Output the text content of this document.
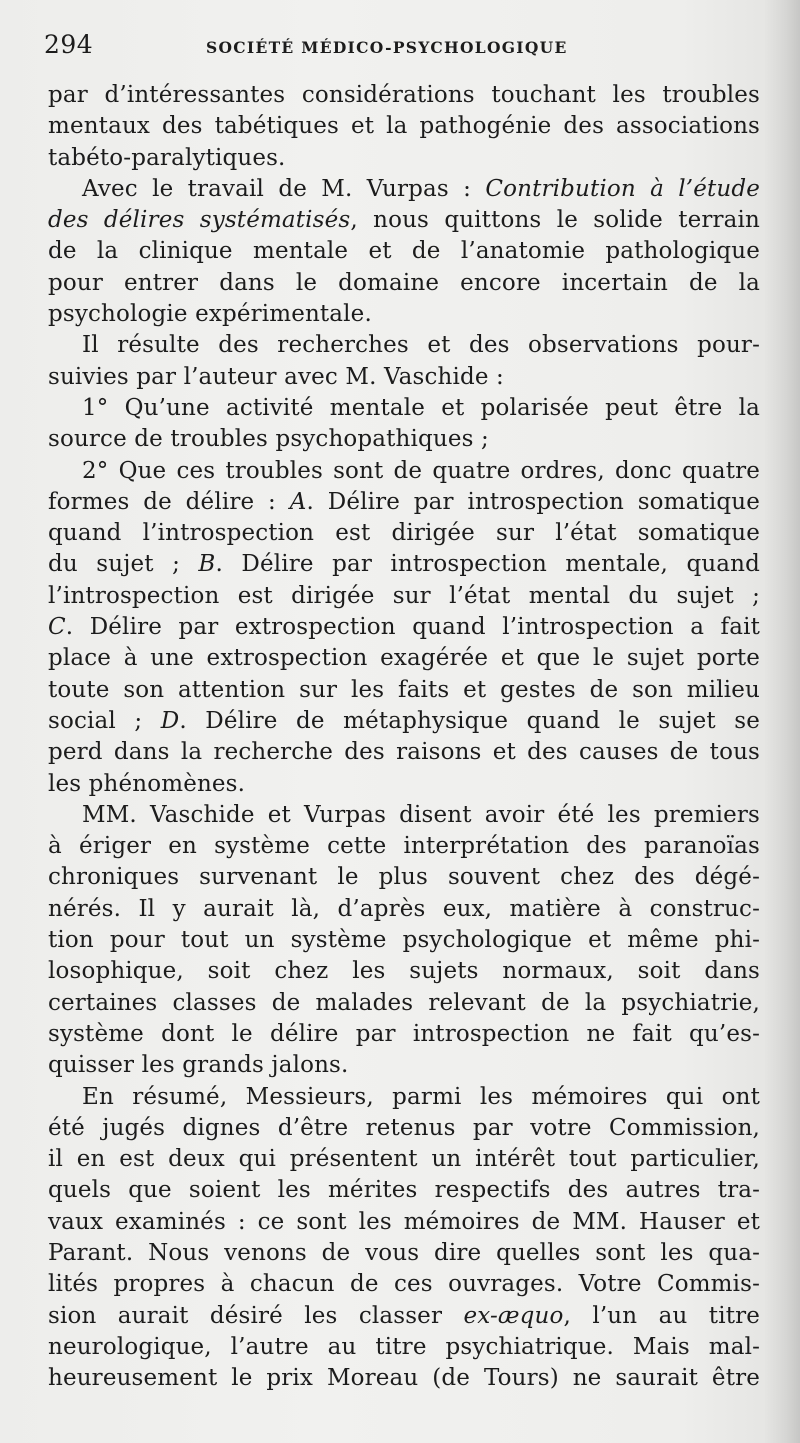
294	SOCIÉTÉ MÉDICO-PSYCHOLOGIQUE
par d’intéressantes considérations touchant les troubles
mentaux des tabétiques et la pathogénie des associations
tabéto-paralytiques.
Avec le travail de M. Vurpas : Contribution à l’étude
des délires systématisés, nous quittons le solide terrain
de la clinique mentale et de l’anatomie pathologique
pour entrer dans le domaine encore incertain de la
psychologie expérimentale.
Il résulte des recherches et des observations pour-
suivies par l’auteur avec M. Vaschide :
1° Qu’une activité mentale et polarisée peut être la
source de troubles psychopathiques ;
2° Que ces troubles sont de quatre ordres, donc quatre
formes de délire : A. Délire par introspection somatique
quand l’introspection est dirigée sur l’état somatique
du sujet ; B. Délire par introspection mentale, quand
l’introspection est dirigée sur l’état mental du sujet ;
C. Délire par extrospection quand l’introspection a fait
place à une extrospection exagérée et que le sujet porte
toute son attention sur les faits et gestes de son milieu
social ; D. Délire de métaphysique quand le sujet se
perd dans la recherche des raisons et des causes de tous
les phénomènes.
MM. Vaschide et Vurpas disent avoir été les premiers
à ériger en système cette interprétation des paranoïas
chroniques survenant le plus souvent chez des dégé-
nérés. Il y aurait là, d’après eux, matière à construc-
tion pour tout un système psychologique et même phi-
losophique, soit chez les sujets normaux, soit dans
certaines classes de malades relevant de la psychiatrie,
système dont le délire par introspection ne fait qu’es-
quisser les grands jalons.
En résumé, Messieurs, parmi les mémoires qui ont
été jugés dignes d’être retenus par votre Commission,
il en est deux qui présentent un intérêt tout particulier,
quels que soient les mérites respectifs des autres tra-
vaux examinés : ce sont les mémoires de MM. Hauser et
Parant. Nous venons de vous dire quelles sont les qua-
lités propres à chacun de ces ouvrages. Votre Commis-
sion aurait désiré les classer ex-æquo, l’un au titre
neurologique, l’autre au titre psychiatrique. Mais mal-
heureusement le prix Moreau (de Tours) ne saurait être
